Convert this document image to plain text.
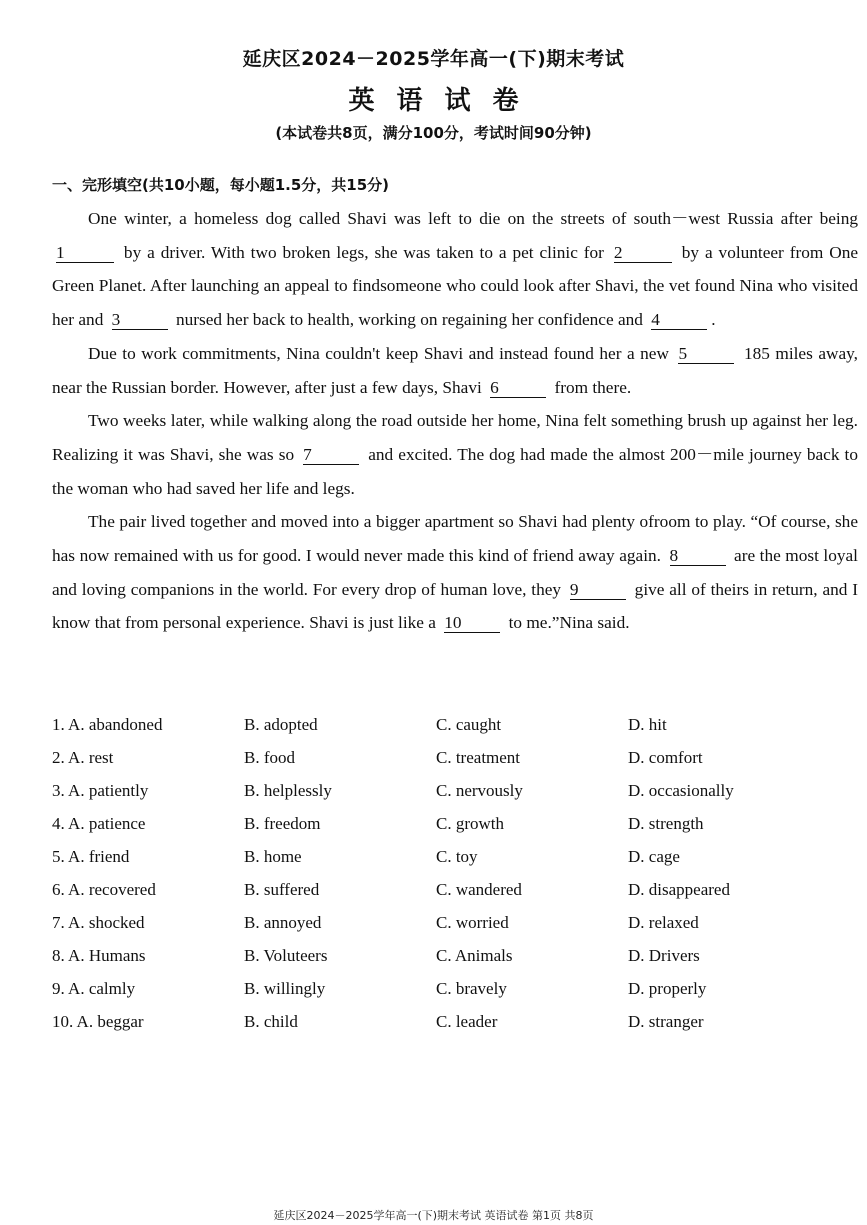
延庆区2024－2025学年高一(下)期末考试
英语试卷
(本试卷共8页，满分100分，考试时间90分钟)
一、完形填空(共10小题，每小题1.5分，共15分)

One winter, a homeless dog called Shavi was left to die on the streets of south－west Russia after being 1	by a driver. With two broken legs, she was taken to a pet clinic for 2	by a volunteer from One Green Planet. After launching an appeal to findsomeone who could look after Shavi, the vet found Nina who visited her and 3	nursed her back to health, working on regaining her confidence and 4	.

Due to work commitments, Nina couldn't keep Shavi and instead found her a new 5	185 miles away, near the Russian border. However, after just a few days, Shavi 6	from there.

Two weeks later, while walking along the road outside her home, Nina felt something brush up against her leg. Realizing it was Shavi, she was so 7	and excited. The dog had made the almost 200－mile journey back to the woman who had saved her life and legs.

The pair lived together and moved into a bigger apartment so Shavi had plenty ofroom to play. “Of course, she has now remained with us for good. I would never made this kind of friend away again. 8	are the most loyal and loving companions in the world. For every drop of human love, they 9	give all of theirs in return, and I know that from personal experience. Shavi is just like a 10	to me.”Nina said.

1. A. abandoned	B. adopted	C. caught	D. hit
2. A. rest	B. food	C. treatment	D. comfort
3. A. patiently	B. helplessly	C. nervously	D. occasionally
4. A. patience	B. freedom	C. growth	D. strength
5. A. friend	B. home	C. toy	D. cage
6. A. recovered	B. suffered	C. wandered	D. disappeared
7. A. shocked	B. annoyed	C. worried	D. relaxed
8. A. Humans	B. Voluteers	C. Animals	D. Drivers
9. A. calmly	B. willingly	C. bravely	D. properly
10. A. beggar	B. child	C. leader	D. stranger
延庆区2024－2025学年高一(下)期末考试 英语试卷 第1页 共8页
